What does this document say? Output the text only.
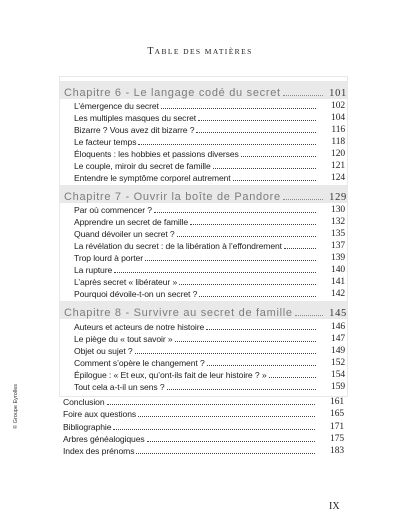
TABLE DES MATIÈRES
Chapitre 6 - Le langage codé du secret	101
L’émergence du secret	102
Les multiples masques du secret	104
Bizarre ? Vous avez dit bizarre ?	116
Le facteur temps	118
Éloquents : les hobbies et passions diverses	120
Le couple, miroir du secret de famille	121
Entendre le symptôme corporel autrement	124
Chapitre 7 - Ouvrir la boîte de Pandore	129
Par où commencer ?	130
Apprendre un secret de famille	132
Quand dévoiler un secret ?	135
La révélation du secret : de la libération à l’effondrement	137
Trop lourd à porter	139
La rupture	140
L’après secret « libérateur »	141
Pourquoi dévoile-t-on un secret ?	142
Chapitre 8 - Survivre au secret de famille	145
Auteurs et acteurs de notre histoire	146
Le piège du « tout savoir »	147
Objet ou sujet ?	149
Comment s’opère le changement ?	152
Épilogue : « Et eux, qu’ont-ils fait de leur histoire ? »	154
Tout cela a-t-il un sens ?	159
Conclusion	161
Foire aux questions	165
Bibliographie	171
Arbres généalogiques	175
Index des prénoms	183
© Groupe Eyrolles
IX
